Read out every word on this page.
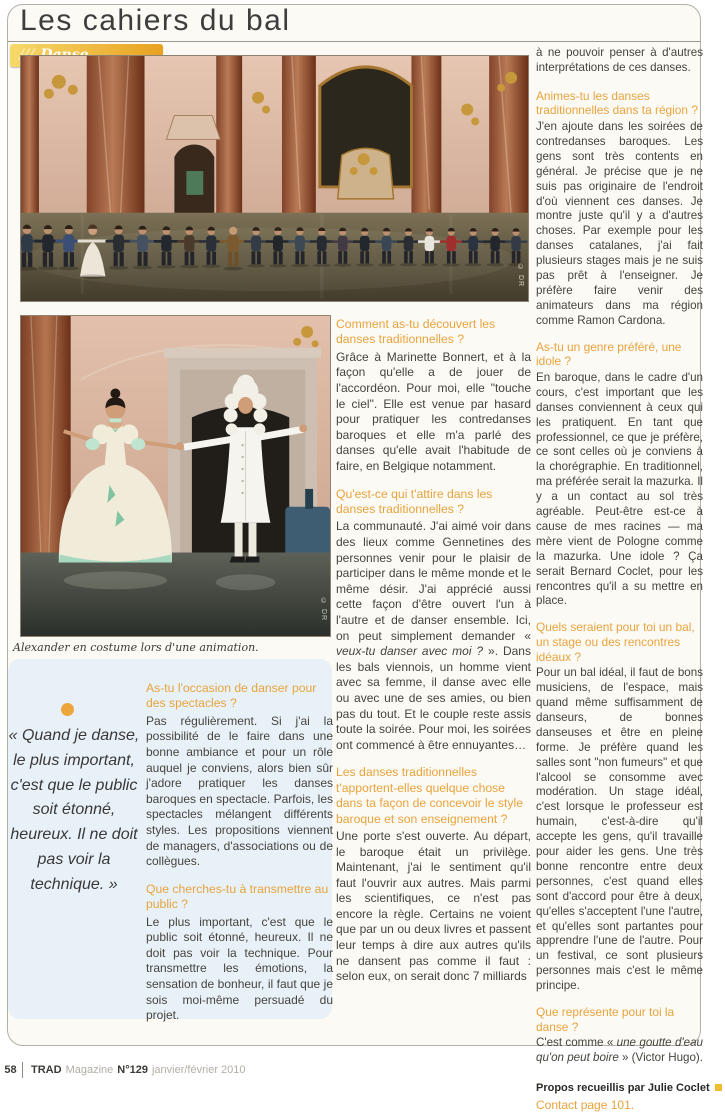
Les cahiers du bal
© DR
© DR
Alexander en costume lors d'une animation.
« Quand je danse, le plus important, c'est que le public soit étonné, heureux. Il ne doit pas voir la technique. »
As-tu l'occasion de danser pour des spectacles ?

Pas régulièrement. Si j'ai la possibilité de le faire dans une bonne ambiance et pour un rôle auquel je conviens, alors bien sûr j'adore pratiquer les danses baroques en spectacle. Parfois, les spectacles mélangent différents styles. Les propositions viennent de managers, d'associations ou de collègues.

Que cherches-tu à transmettre au public ?

Le plus important, c'est que le public soit étonné, heureux. Il ne doit pas voir la technique. Pour transmettre les émotions, la sensation de bonheur, il faut que je sois moi-même persuadé du projet.

Comment as-tu découvert les danses traditionnelles ?

Grâce à Marinette Bonnert, et à la façon qu'elle a de jouer de l'accordéon. Pour moi, elle "touche le ciel". Elle est venue par hasard pour pratiquer les contredanses baroques et elle m'a parlé des danses qu'elle avait l'habitude de faire, en Belgique notamment.

Qu'est-ce qui t'attire dans les danses traditionnelles ?

La communauté. J'ai aimé voir dans des lieux comme Gennetines des personnes venir pour le plaisir de participer dans le même monde et le même désir. J'ai apprécié aussi cette façon d'être ouvert l'un à l'autre et de danser ensemble. Ici, on peut simplement demander « veux-tu danser avec moi ? ». Dans les bals viennois, un homme vient avec sa femme, il danse avec elle ou avec une de ses amies, ou bien pas du tout. Et le couple reste assis toute la soirée. Pour moi, les soirées ont commencé à être ennuyantes…

Les danses traditionnelles t'apportent-elles quelque chose dans ta façon de concevoir le style baroque et son enseignement ?

Une porte s'est ouverte. Au départ, le baroque était un privilège. Maintenant, j'ai le sentiment qu'il faut l'ouvrir aux autres. Mais parmi les scientifiques, ce n'est pas encore la règle. Certains ne voient que par un ou deux livres et passent leur temps à dire aux autres qu'ils ne dansent pas comme il faut : selon eux, on serait donc 7 milliards

à ne pouvoir penser à d'autres interprétations de ces danses.

Animes-tu les danses traditionnelles dans ta région ?

J'en ajoute dans les soirées de contredanses baroques. Les gens sont très contents en général. Je précise que je ne suis pas originaire de l'endroit d'où viennent ces danses. Je montre juste qu'il y a d'autres choses. Par exemple pour les danses catalanes, j'ai fait plusieurs stages mais je ne suis pas prêt à l'enseigner. Je préfère faire venir des animateurs dans ma région comme Ramon Cardona.

As-tu un genre préféré, une idole ?

En baroque, dans le cadre d'un cours, c'est important que les danses conviennent à ceux qui les pratiquent. En tant que professionnel, ce que je préfère, ce sont celles où je conviens à la chorégraphie. En traditionnel, ma préférée serait la mazurka. Il y a un contact au sol très agréable. Peut-être est-ce à cause de mes racines — ma mère vient de Pologne comme la mazurka. Une idole ? Ça serait Bernard Coclet, pour les rencontres qu'il a su mettre en place.

Quels seraient pour toi un bal, un stage ou des rencontres idéaux ?

Pour un bal idéal, il faut de bons musiciens, de l'espace, mais quand même suffisamment de danseurs, de bonnes danseuses et être en pleine forme. Je préfère quand les salles sont "non fumeurs" et que l'alcool se consomme avec modération. Un stage idéal, c'est lorsque le professeur est humain, c'est-à-dire qu'il accepte les gens, qu'il travaille pour aider les gens. Une très bonne rencontre entre deux personnes, c'est quand elles sont d'accord pour être à deux, qu'elles s'acceptent l'une l'autre, et qu'elles sont partantes pour apprendre l'une de l'autre. Pour un festival, ce sont plusieurs personnes mais c'est le même principe.

Que représente pour toi la danse ?

C'est comme « une goutte d'eau qu'on peut boire » (Victor Hugo).

Propos recueillis par Julie Coclet
Contact page 101.
58	TRAD Magazine N°129 janvier/février 2010
